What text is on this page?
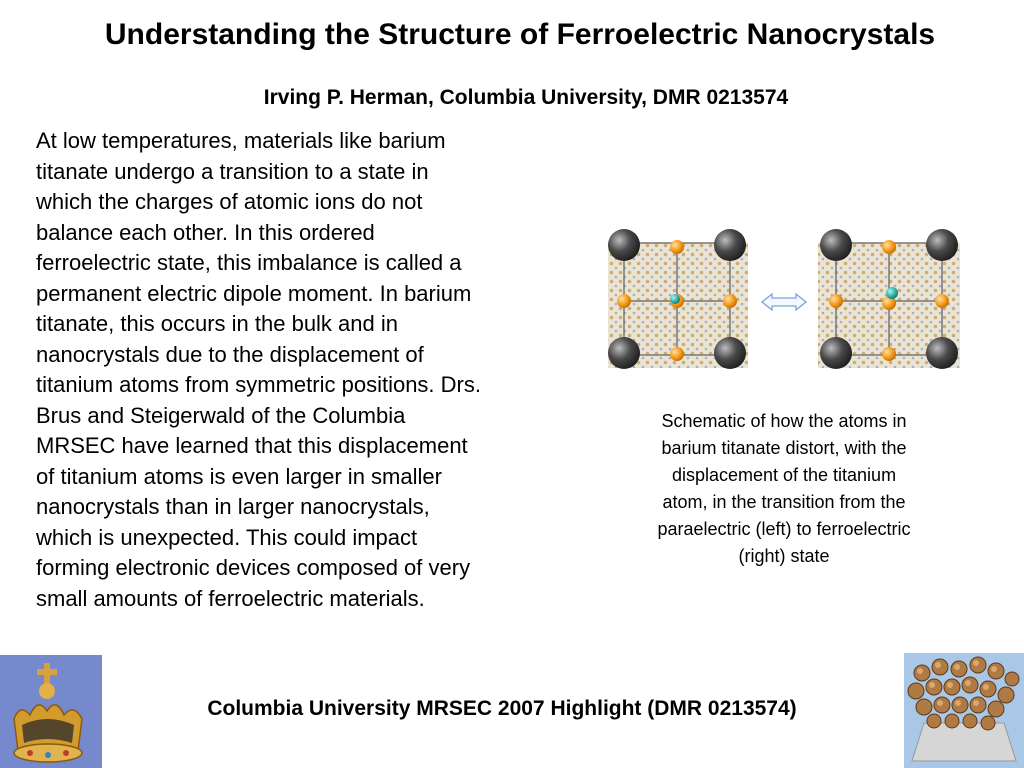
Understanding the Structure of Ferroelectric Nanocrystals
Irving P. Herman, Columbia University, DMR 0213574
At low temperatures, materials like barium
titanate undergo a transition to a state in
which the charges of atomic ions do not
balance each other. In this ordered
ferroelectric state, this imbalance is called a
permanent electric dipole moment. In barium
titanate, this occurs in the bulk and in
nanocrystals due to the displacement of
titanium atoms from symmetric positions. Drs.
Brus and Steigerwald of the Columbia
MRSEC have learned that this displacement
of titanium atoms is even larger in smaller
nanocrystals than in larger nanocrystals,
which is unexpected. This could impact
forming electronic devices composed of very
small amounts of ferroelectric materials.
Schematic of how the atoms in
barium titanate distort, with the
displacement of the titanium
atom, in the transition from the
paraelectric (left) to ferroelectric
(right) state
Columbia University MRSEC 2007 Highlight (DMR 0213574)
